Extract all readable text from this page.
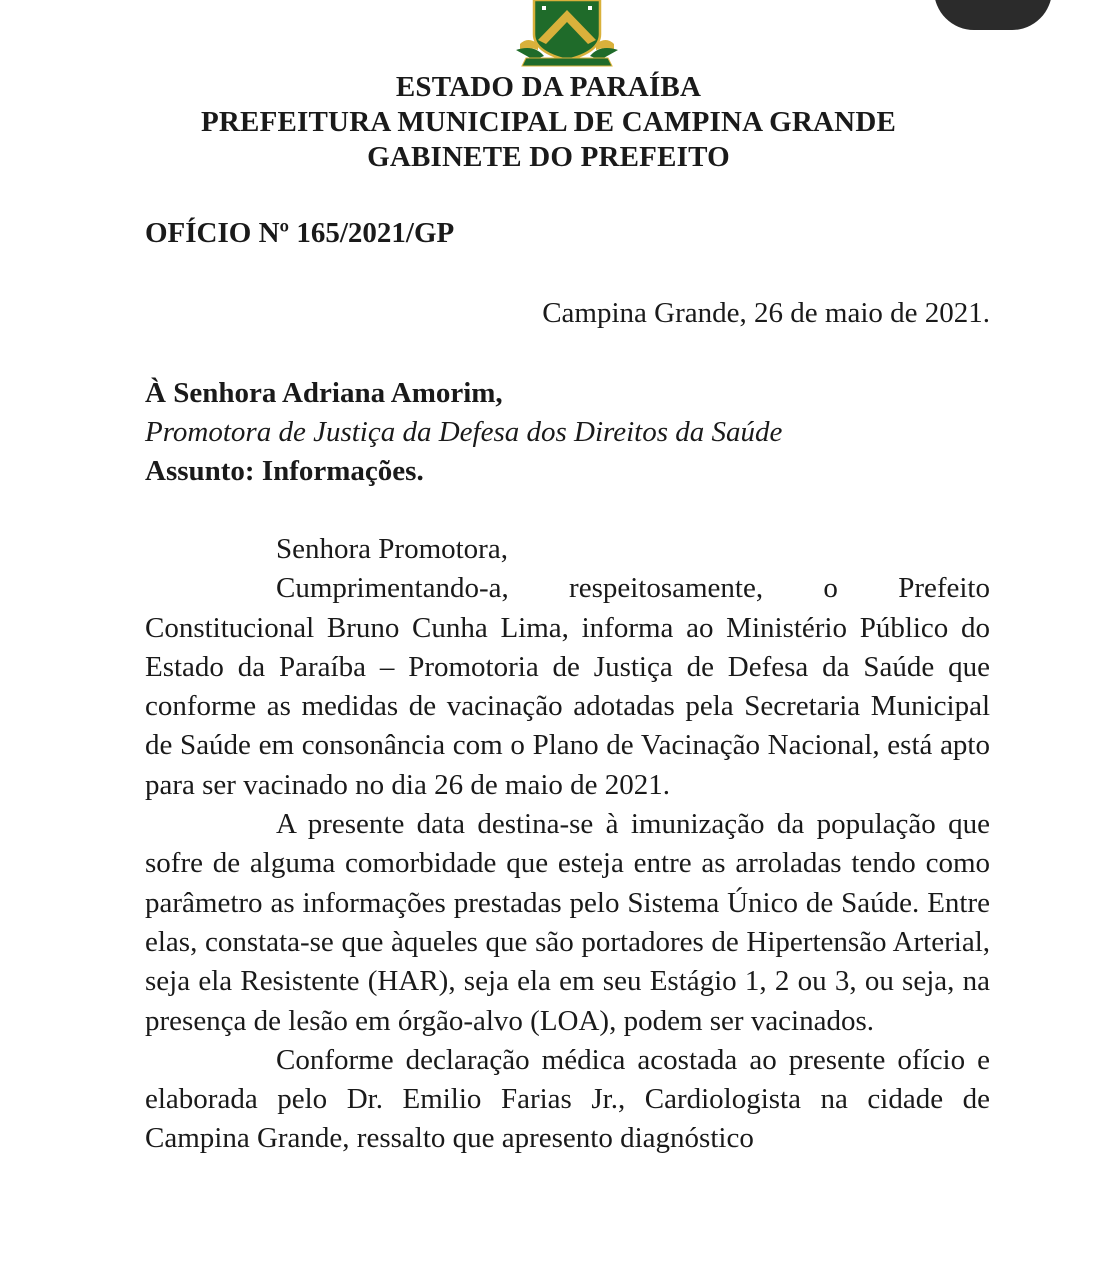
ESTADO DA PARAÍBA
PREFEITURA MUNICIPAL DE CAMPINA GRANDE
GABINETE DO PREFEITO
OFÍCIO Nº 165/2021/GP
Campina Grande, 26 de maio de 2021.
À Senhora Adriana Amorim,
Promotora de Justiça da Defesa dos Direitos da Saúde
Assunto: Informações.

Senhora Promotora,

Cumprimentando-a, respeitosamente, o Prefeito Constitucional Bruno Cunha Lima, informa ao Ministério Público do Estado da Paraíba – Promotoria de Justiça de Defesa da Saúde que conforme as medidas de vacinação adotadas pela Secretaria Municipal de Saúde em consonância com o Plano de Vacinação Nacional, está apto para ser vacinado no dia 26 de maio de 2021.

A presente data destina-se à imunização da população que sofre de alguma comorbidade que esteja entre as arroladas tendo como parâmetro as informações prestadas pelo Sistema Único de Saúde. Entre elas, constata-se que àqueles que são portadores de Hipertensão Arterial, seja ela Resistente (HAR), seja ela em seu Estágio 1, 2 ou 3, ou seja, na presença de lesão em órgão-alvo (LOA), podem ser vacinados.

Conforme declaração médica acostada ao presente ofício e elaborada pelo Dr. Emilio Farias Jr., Cardiologista na cidade de Campina Grande, ressalto que apresento diagnóstico
